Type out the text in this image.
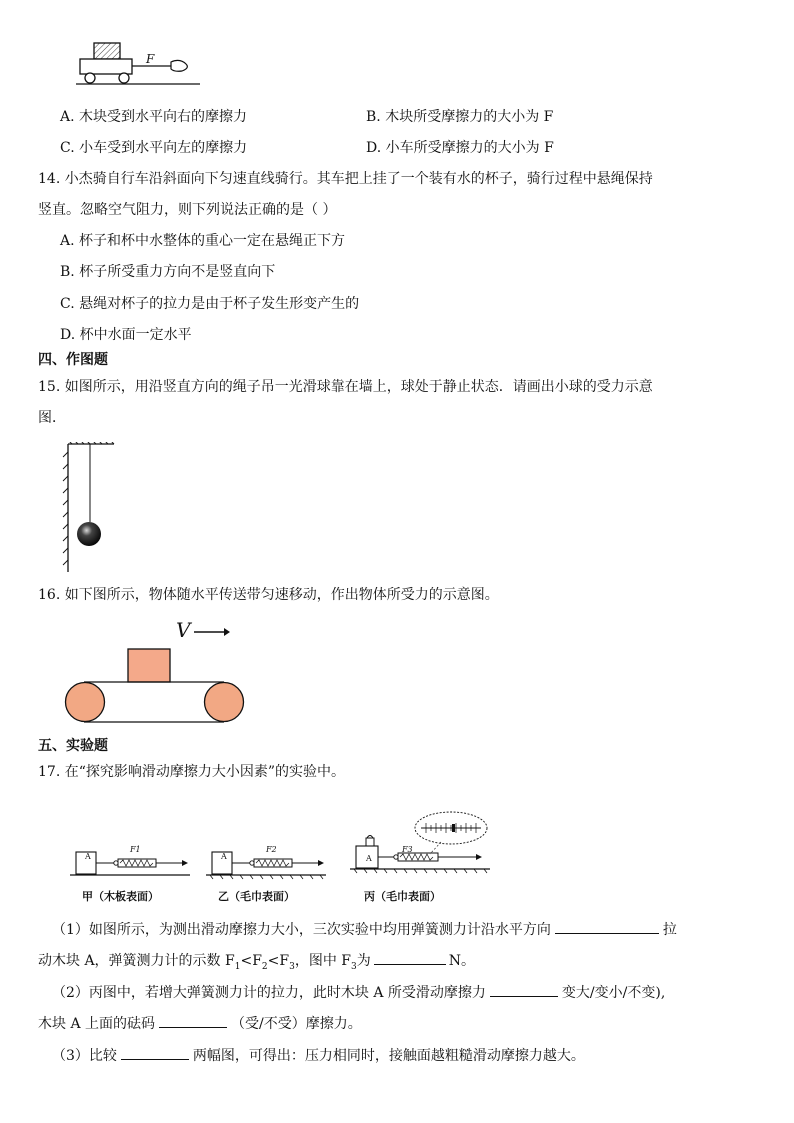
F
A. 木块受到水平向右的摩擦力	B. 木块所受摩擦力的大小为 F
C. 小车受到水平向左的摩擦力	D. 小车所受摩擦力的大小为 F
14. 小杰骑自行车沿斜面向下匀速直线骑行。其车把上挂了一个装有水的杯子，骑行过程中悬绳保持
竖直。忽略空气阻力，则下列说法正确的是（ ）
A. 杯子和杯中水整体的重心一定在悬绳正下方
B. 杯子所受重力方向不是竖直向下
C. 悬绳对杯子的拉力是由于杯子发生形变产生的
D. 杯中水面一定水平
四、作图题
15. 如图所示，用沿竖直方向的绳子吊一光滑球靠在墙上，球处于静止状态．请画出小球的受力示意
图．
16. 如下图所示，物体随水平传送带匀速移动，作出物体所受力的示意图。
V
五、实验题
17. 在“探究影响滑动摩擦力大小因素”的实验中。
A	A	A
F1	F2	F3
甲（木板表面）	乙（毛巾表面）	丙（毛巾表面）
（1）如图所示，为测出滑动摩擦力大小，三次实验中均用弹簧测力计沿水平方向	拉
动木块 A，弹簧测力计的示数 $F_1<F_2<F_3$，图中 $F_3$为	N。
（2）丙图中，若增大弹簧测力计的拉力，此时木块 A 所受滑动摩擦力	变大/变小/不变),
木块 A 上面的砝码	（受/不受）摩擦力。
（3）比较	两幅图，可得出：压力相同时，接触面越粗糙滑动摩擦力越大。
